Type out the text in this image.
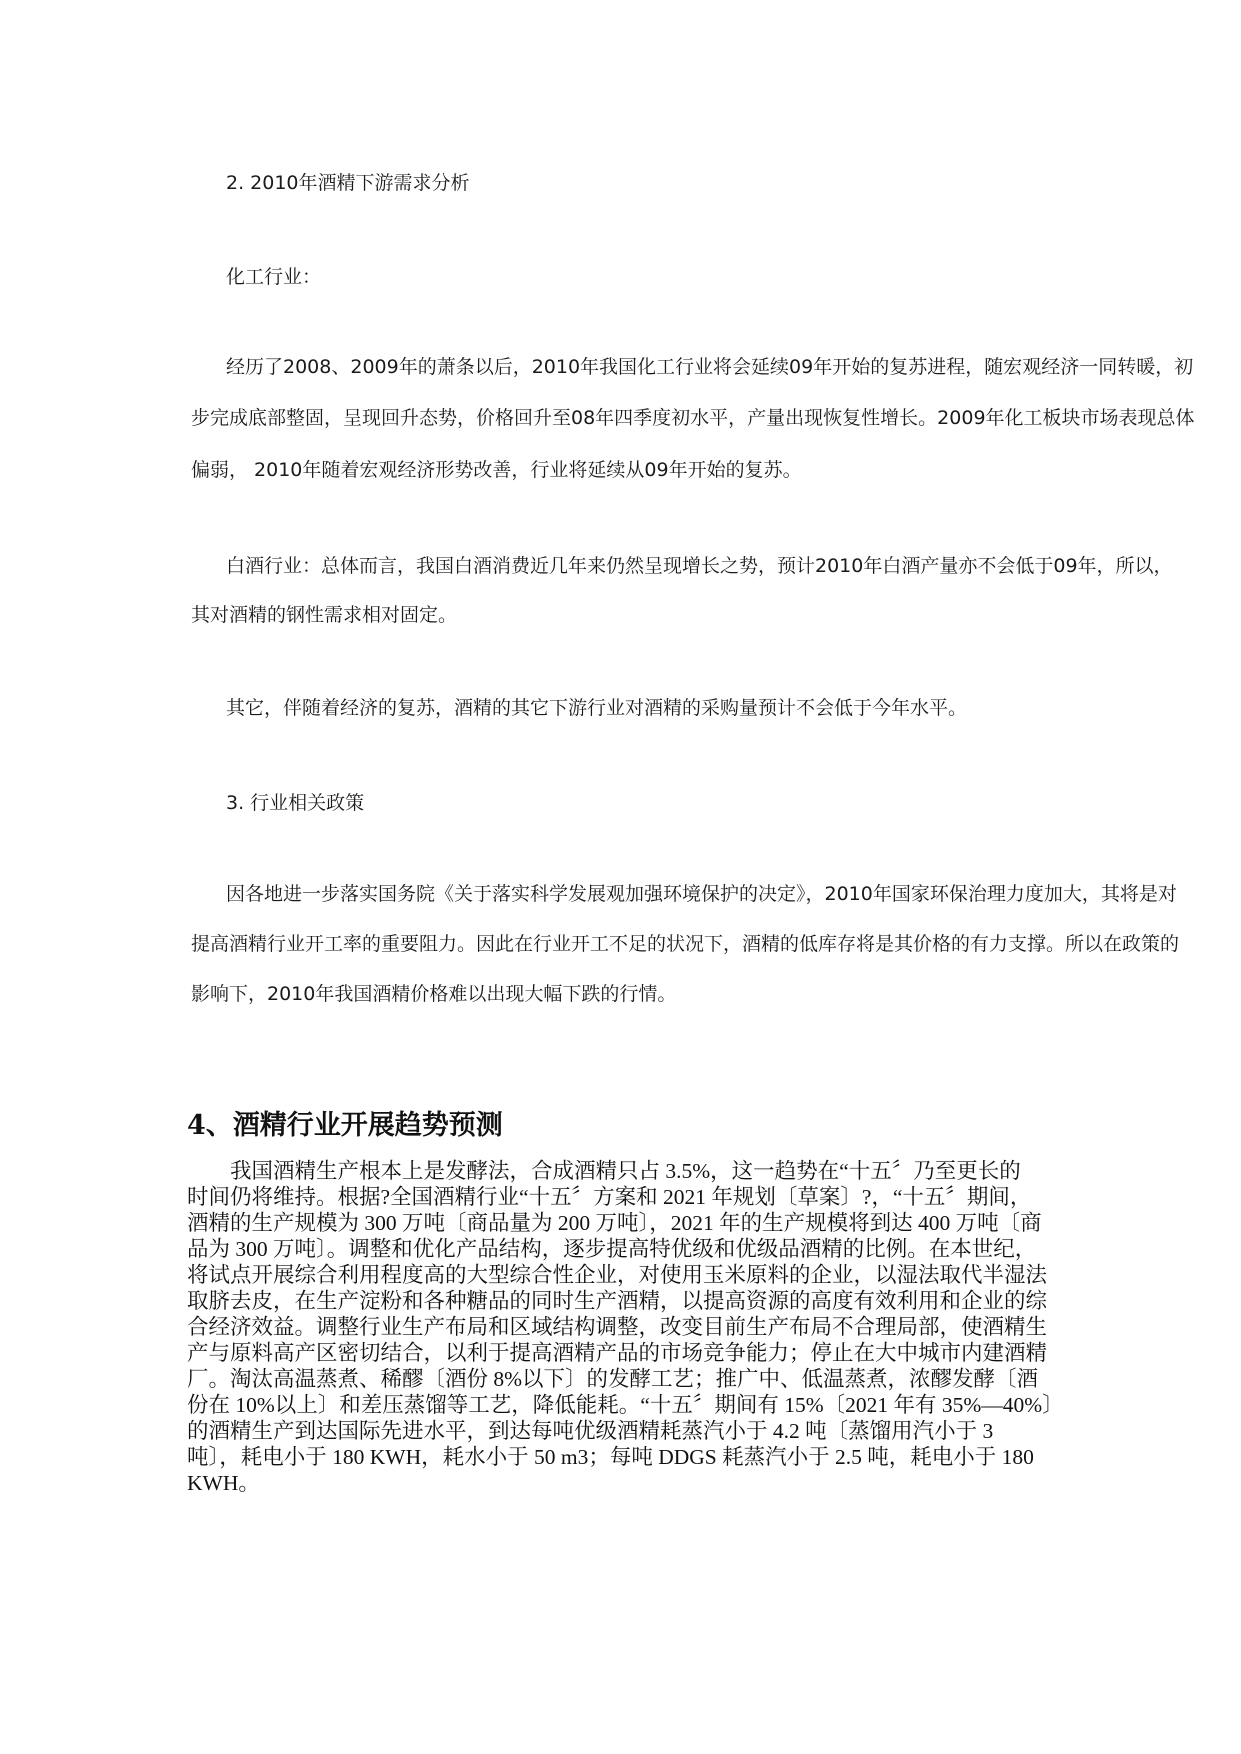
2. 2010年酒精下游需求分析
化工行业：
经历了2008、2009年的萧条以后，2010年我国化工行业将会延续09年开始的复苏进程，随宏观经济一同转暖，初
步完成底部整固，呈现回升态势，价格回升至08年四季度初水平，产量出现恢复性增长。2009年化工板块市场表现总体
偏弱， 2010年随着宏观经济形势改善，行业将延续从09年开始的复苏。
白酒行业：总体而言，我国白酒消费近几年来仍然呈现增长之势，预计2010年白酒产量亦不会低于09年，所以，
其对酒精的钢性需求相对固定。
其它，伴随着经济的复苏，酒精的其它下游行业对酒精的采购量预计不会低于今年水平。
3. 行业相关政策
因各地进一步落实国务院《关于落实科学发展观加强环境保护的决定》，2010年国家环保治理力度加大，其将是对
提高酒精行业开工率的重要阻力。因此在行业开工不足的状况下，酒精的低库存将是其价格的有力支撑。所以在政策的
影响下，2010年我国酒精价格难以出现大幅下跌的行情。
4、酒精行业开展趋势预测
　　我国酒精生产根本上是发酵法，合成酒精只占 3.5%，这一趋势在“十五〞乃至更长的
时间仍将维持。根据?全国酒精行业“十五〞方案和 2021 年规划〔草案〕?，“十五〞期间，
酒精的生产规模为 300 万吨〔商品量为 200 万吨〕，2021 年的生产规模将到达 400 万吨〔商
品为 300 万吨〕。调整和优化产品结构，逐步提高特优级和优级品酒精的比例。在本世纪，
将试点开展综合利用程度高的大型综合性企业，对使用玉米原料的企业，以湿法取代半湿法
取脐去皮，在生产淀粉和各种糖品的同时生产酒精，以提高资源的高度有效利用和企业的综
合经济效益。调整行业生产布局和区域结构调整，改变目前生产布局不合理局部，使酒精生
产与原料高产区密切结合，以利于提高酒精产品的市场竞争能力；停止在大中城市内建酒精
厂。淘汰高温蒸煮、稀醪〔酒份 8%以下〕的发酵工艺；推广中、低温蒸煮，浓醪发酵〔酒
份在 10%以上〕和差压蒸馏等工艺，降低能耗。“十五〞期间有 15%〔2021 年有 35%—40%〕
的酒精生产到达国际先进水平，到达每吨优级酒精耗蒸汽小于 4.2 吨〔蒸馏用汽小于 3
吨〕，耗电小于 180 KWH，耗水小于 50 m3；每吨 DDGS 耗蒸汽小于 2.5 吨，耗电小于 180
KWH。
